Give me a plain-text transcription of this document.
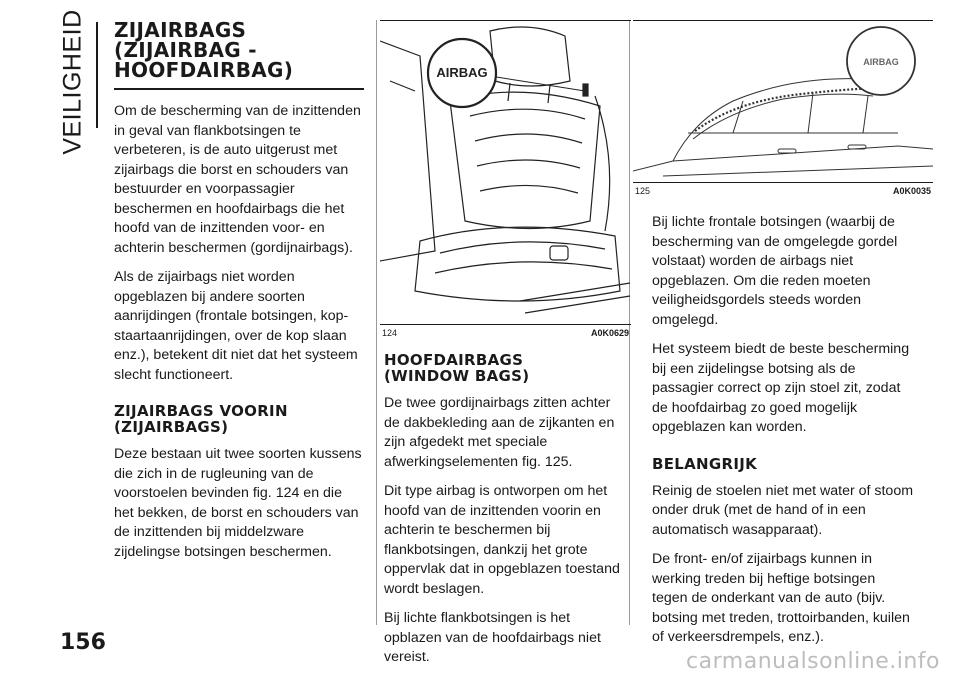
VEILIGHEID
156
ZIJAIRBAGS
(ZIJAIRBAG -
HOOFDAIRBAG)

Om de bescherming van de inzittenden in geval van flankbotsingen te verbeteren, is de auto uitgerust met zijairbags die borst en schouders van bestuurder en voorpassagier beschermen en hoofdairbags die het hoofd van de inzittenden voor- en achterin beschermen (gordijnairbags).

Als de zijairbags niet worden opgeblazen bij andere soorten aanrijdingen (frontale botsingen, kop-staartaanrijdingen, over de kop slaan enz.), betekent dit niet dat het systeem slecht functioneert.

ZIJAIRBAGS VOORIN
(ZIJAIRBAGS)

Deze bestaan uit twee soorten kussens die zich in de rugleuning van de voorstoelen bevinden fig. 124 en die het bekken, de borst en schouders van de inzittenden bij middelzware zijdelingse botsingen beschermen.

AIRBAG
124	A0K0629
HOOFDAIRBAGS
(WINDOW BAGS)

De twee gordijnairbags zitten achter de dakbekleding aan de zijkanten en zijn afgedekt met speciale afwerkingselementen fig. 125.

Dit type airbag is ontworpen om het hoofd van de inzittenden voorin en achterin te beschermen bij flankbotsingen, dankzij het grote oppervlak dat in opgeblazen toestand wordt beslagen.

Bij lichte flankbotsingen is het opblazen van de hoofdairbags niet vereist.

AIRBAG
125	A0K0035

Bij lichte frontale botsingen (waarbij de bescherming van de omgelegde gordel volstaat) worden de airbags niet opgeblazen. Om die reden moeten veiligheidsgordels steeds worden omgelegd.

Het systeem biedt de beste bescherming bij een zijdelingse botsing als de passagier correct op zijn stoel zit, zodat de hoofdairbag zo goed mogelijk opgeblazen kan worden.

BELANGRIJK

Reinig de stoelen niet met water of stoom onder druk (met de hand of in een automatisch wasapparaat).

De front- en/of zijairbags kunnen in werking treden bij heftige botsingen tegen de onderkant van de auto (bijv. botsing met treden, trottoirbanden, kuilen of verkeersdrempels, enz.).

carmanualsonline.info
